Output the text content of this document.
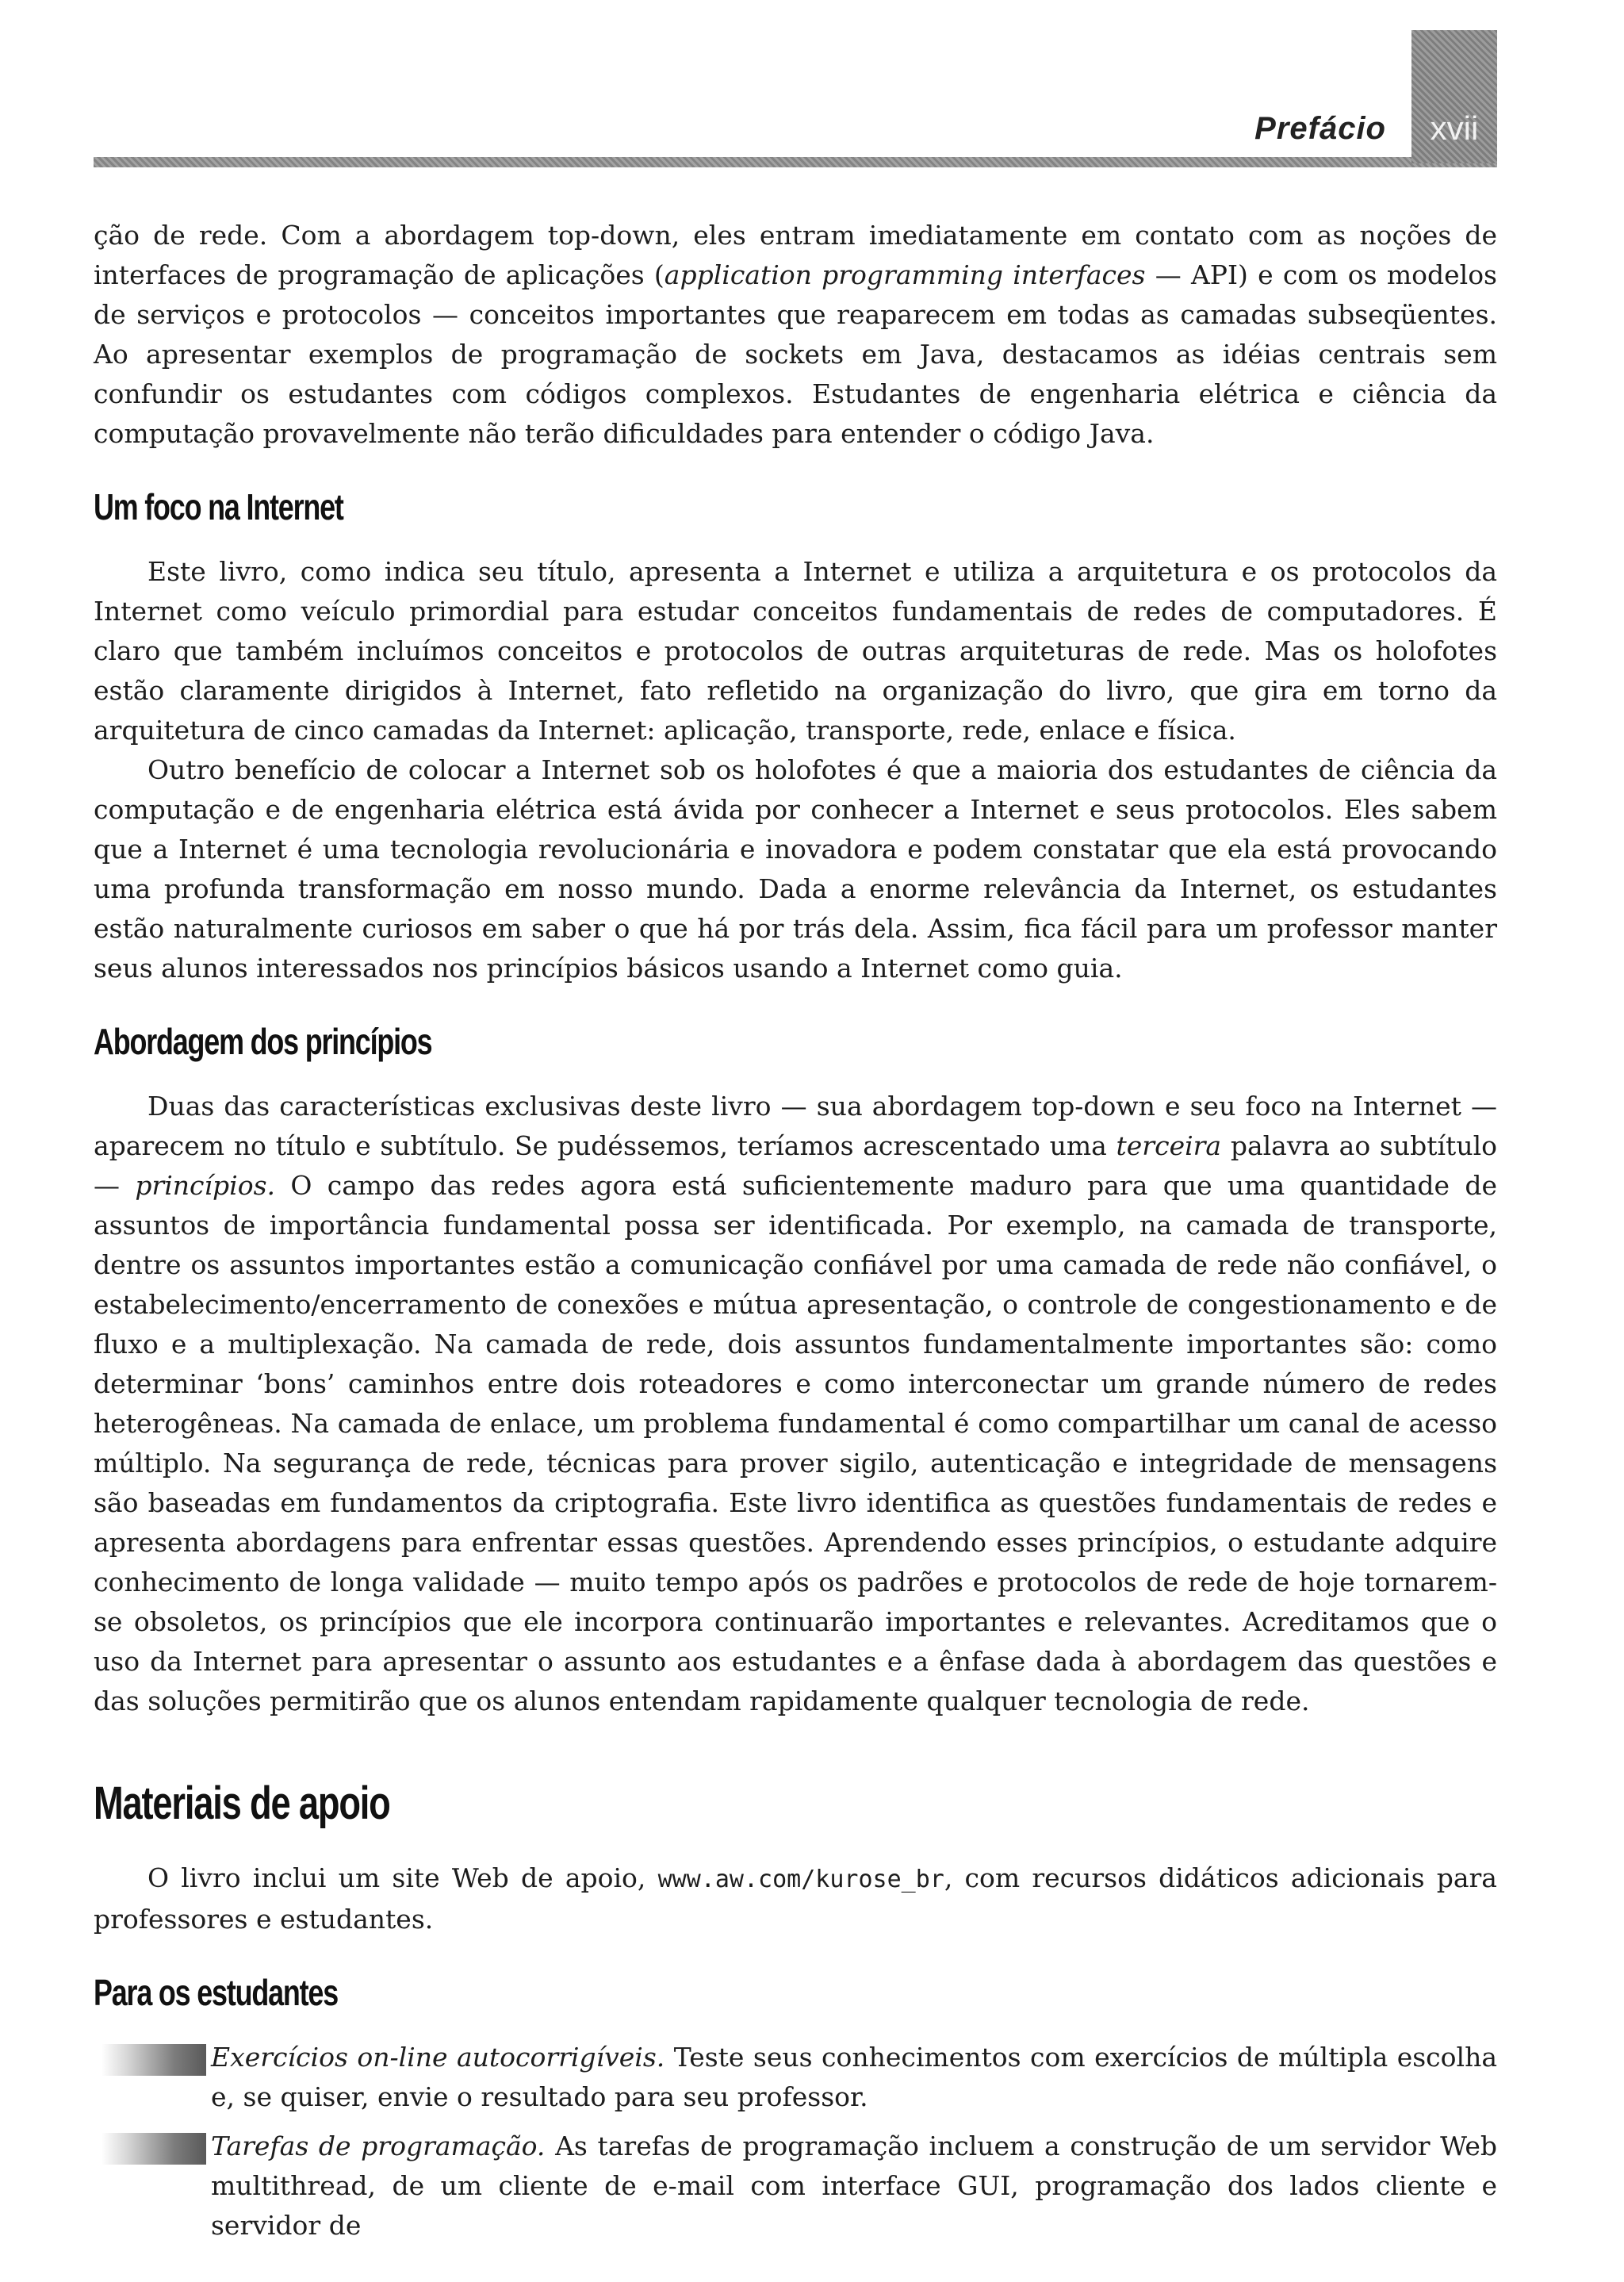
Prefácio	xvii

ção de rede. Com a abordagem top-down, eles entram imediatamente em contato com as noções de interfaces de programação de aplicações (application programming interfaces — API) e com os modelos de serviços e protocolos — conceitos importantes que reaparecem em todas as camadas subseqüentes. Ao apresentar exemplos de programação de sockets em Java, destacamos as idéias centrais sem confundir os estudantes com códigos complexos. Estudantes de engenharia elétrica e ciência da computação provavelmente não terão dificuldades para entender o código Java.

Um foco na Internet

Este livro, como indica seu título, apresenta a Internet e utiliza a arquitetura e os protocolos da Internet como veículo primordial para estudar conceitos fundamentais de redes de computadores. É claro que também incluímos conceitos e protocolos de outras arquiteturas de rede. Mas os holofotes estão claramente dirigidos à Internet, fato refletido na organização do livro, que gira em torno da arquitetura de cinco camadas da Internet: aplicação, transporte, rede, enlace e física.

Outro benefício de colocar a Internet sob os holofotes é que a maioria dos estudantes de ciência da computação e de engenharia elétrica está ávida por conhecer a Internet e seus protocolos. Eles sabem que a Internet é uma tecnologia revolucionária e inovadora e podem constatar que ela está provocando uma profunda transformação em nosso mundo. Dada a enorme relevância da Internet, os estudantes estão naturalmente curiosos em saber o que há por trás dela. Assim, fica fácil para um professor manter seus alunos interessados nos princípios básicos usando a Internet como guia.

Abordagem dos princípios

Duas das características exclusivas deste livro — sua abordagem top-down e seu foco na Internet — aparecem no título e subtítulo. Se pudéssemos, teríamos acrescentado uma terceira palavra ao subtítulo — princípios. O campo das redes agora está suficientemente maduro para que uma quantidade de assuntos de importância fundamental possa ser identificada. Por exemplo, na camada de transporte, dentre os assuntos importantes estão a comunicação confiável por uma camada de rede não confiável, o estabelecimento/encerramento de conexões e mútua apresentação, o controle de congestionamento e de fluxo e a multiplexação. Na camada de rede, dois assuntos fundamentalmente importantes são: como determinar ‘bons’ caminhos entre dois roteadores e como interconectar um grande número de redes heterogêneas. Na camada de enlace, um problema fundamental é como compartilhar um canal de acesso múltiplo. Na segurança de rede, técnicas para prover sigilo, autenticação e integridade de mensagens são baseadas em fundamentos da criptografia. Este livro identifica as questões fundamentais de redes e apresenta abordagens para enfrentar essas questões. Aprendendo esses princípios, o estudante adquire conhecimento de longa validade — muito tempo após os padrões e protocolos de rede de hoje tornarem-se obsoletos, os princípios que ele incorpora continuarão importantes e relevantes. Acreditamos que o uso da Internet para apresentar o assunto aos estudantes e a ênfase dada à abordagem das questões e das soluções permitirão que os alunos entendam rapidamente qualquer tecnologia de rede.

Materiais de apoio

O livro inclui um site Web de apoio, www.aw.com/kurose_br, com recursos didáticos adicionais para professores e estudantes.

Para os estudantes

Exercícios on-line autocorrigíveis. Teste seus conhecimentos com exercícios de múltipla escolha e, se quiser, envie o resultado para seu professor.

Tarefas de programação. As tarefas de programação incluem a construção de um servidor Web multithread, de um cliente de e-mail com interface GUI, programação dos lados cliente e servidor de
